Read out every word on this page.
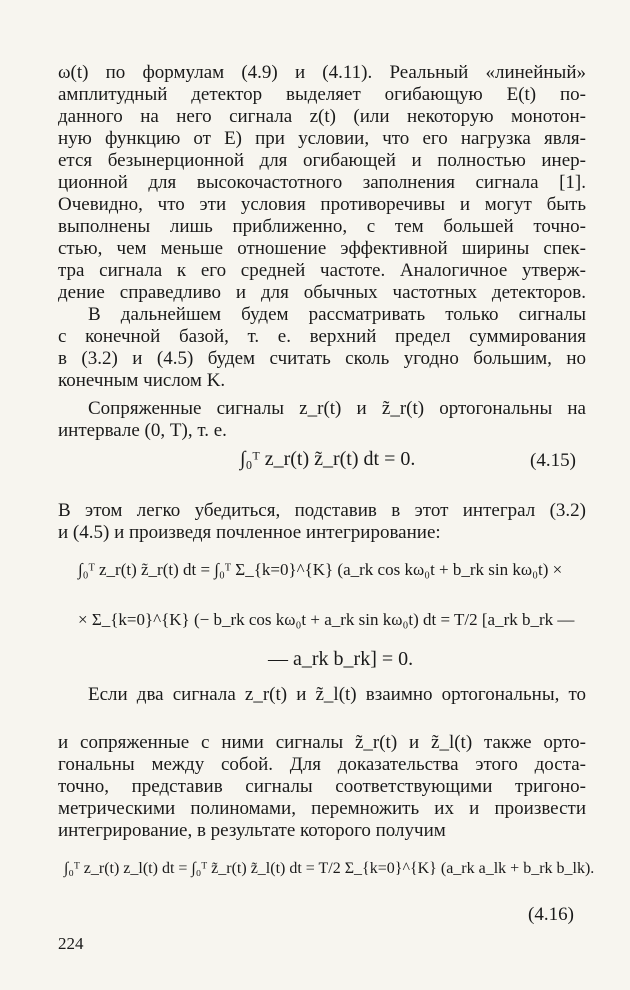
ω(t) по формулам (4.9) и (4.11). Реальный «линейный»
амплитудный детектор выделяет огибающую E(t) по-
данного на него сигнала z(t) (или некоторую монотон-
ную функцию от E) при условии, что его нагрузка явля-
ется безынерционной для огибающей и полностью инер-
ционной для высокочастотного заполнения сигнала [1].
Очевидно, что эти условия противоречивы и могут быть
выполнены лишь приближенно, с тем большей точно-
стью, чем меньше отношение эффективной ширины спек-
тра сигнала к его средней частоте. Аналогичное утверж-
дение справедливо и для обычных частотных детекторов.
В дальнейшем будем рассматривать только сигналы
с конечной базой, т. е. верхний предел суммирования
в (3.2) и (4.5) будем считать сколь угодно большим, но
конечным числом K.
Сопряженные сигналы z_r(t) и z̃_r(t) ортогональны на
интервале (0, T), т. е.
∫₀ᵀ z_r(t) z̃_r(t) dt = 0.	(4.15)
В этом легко убедиться, подставив в этот интеграл (3.2)
и (4.5) и произведя почленное интегрирование:
∫₀ᵀ z_r(t) z̃_r(t) dt = ∫₀ᵀ Σ_{k=0}^{K} (a_rk cos kω₀t + b_rk sin kω₀t) ×
× Σ_{k=0}^{K} (− b_rk cos kω₀t + a_rk sin kω₀t) dt = T/2 [a_rk b_rk —
— a_rk b_rk] = 0.
Если два сигнала z_r(t) и z̃_l(t) взаимно ортогональны, то
и сопряженные с ними сигналы z̃_r(t) и z̃_l(t) также орто-
гональны между собой. Для доказательства этого доста-
точно, представив сигналы соответствующими тригоно-
метрическими полиномами, перемножить их и произвести
интегрирование, в результате которого получим
∫₀ᵀ z_r(t) z_l(t) dt = ∫₀ᵀ z̃_r(t) z̃_l(t) dt = T/2 Σ_{k=0}^{K} (a_rk a_lk + b_rk b_lk).
(4.16)
224
